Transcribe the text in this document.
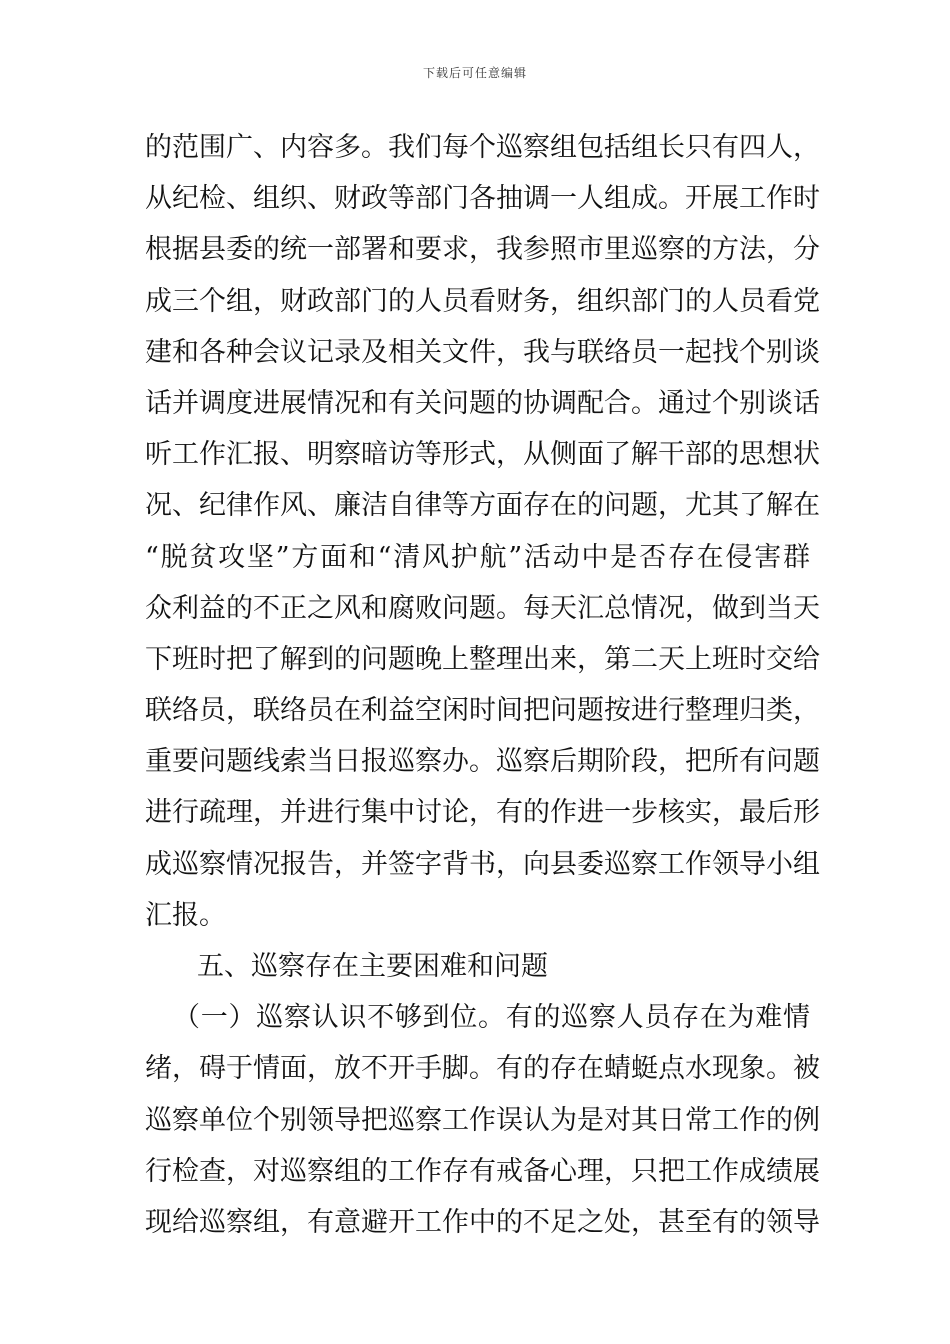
下载后可任意编辑
的范围广、内容多。我们每个巡察组包括组长只有四人，
从纪检、组织、财政等部门各抽调一人组成。开展工作时
根据县委的统一部署和要求，我参照市里巡察的方法，分
成三个组，财政部门的人员看财务，组织部门的人员看党
建和各种会议记录及相关文件，我与联络员一起找个别谈
话并调度进展情况和有关问题的协调配合。通过个别谈话
听工作汇报、明察暗访等形式，从侧面了解干部的思想状
况、纪律作风、廉洁自律等方面存在的问题，尤其了解在
“脱贫攻坚”方面和“清风护航”活动中是否存在侵害群
众利益的不正之风和腐败问题。每天汇总情况，做到当天
下班时把了解到的问题晚上整理出来，第二天上班时交给
联络员，联络员在利益空闲时间把问题按进行整理归类，
重要问题线索当日报巡察办。巡察后期阶段，把所有问题
进行疏理，并进行集中讨论，有的作进一步核实，最后形
成巡察情况报告，并签字背书，向县委巡察工作领导小组
汇报。
五、巡察存在主要困难和问题
（一）巡察认识不够到位。有的巡察人员存在为难情
绪，碍于情面，放不开手脚。有的存在蜻蜓点水现象。被
巡察单位个别领导把巡察工作误认为是对其日常工作的例
行检查，对巡察组的工作存有戒备心理，只把工作成绩展
现给巡察组，有意避开工作中的不足之处，甚至有的领导
